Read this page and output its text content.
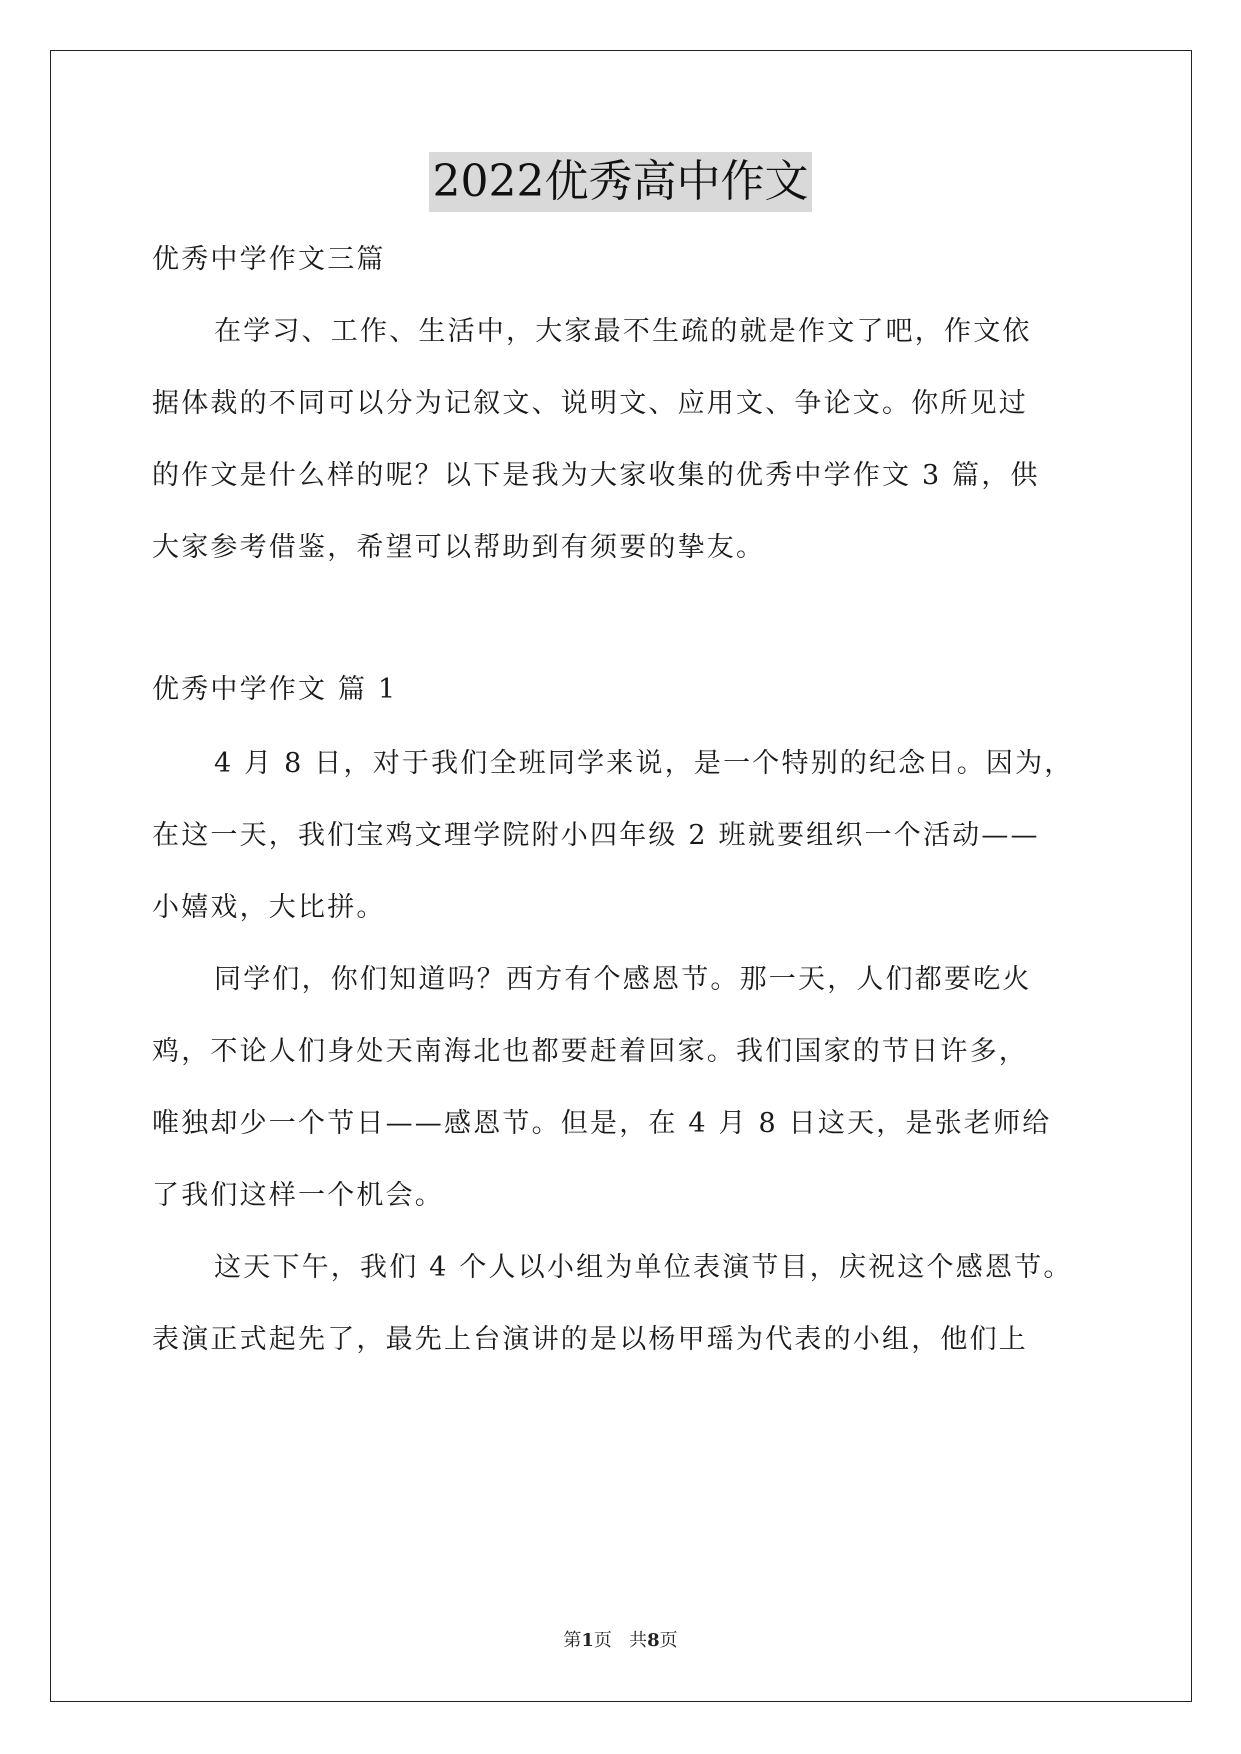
2022优秀高中作文
优秀中学作文三篇
在学习、工作、生活中，大家最不生疏的就是作文了吧，作文依
据体裁的不同可以分为记叙文、说明文、应用文、争论文。你所见过
的作文是什么样的呢？以下是我为大家收集的优秀中学作文 3 篇，供
大家参考借鉴，希望可以帮助到有须要的挚友。
优秀中学作文 篇 1
4 月 8 日，对于我们全班同学来说，是一个特别的纪念日。因为，
在这一天，我们宝鸡文理学院附小四年级 2 班就要组织一个活动——
小嬉戏，大比拼。
同学们，你们知道吗？西方有个感恩节。那一天，人们都要吃火
鸡，不论人们身处天南海北也都要赶着回家。我们国家的节日许多，
唯独却少一个节日——感恩节。但是，在 4 月 8 日这天，是张老师给
了我们这样一个机会。
这天下午，我们 4 个人以小组为单位表演节目，庆祝这个感恩节。
表演正式起先了，最先上台演讲的是以杨甲瑶为代表的小组，他们上
第1页   共8页
